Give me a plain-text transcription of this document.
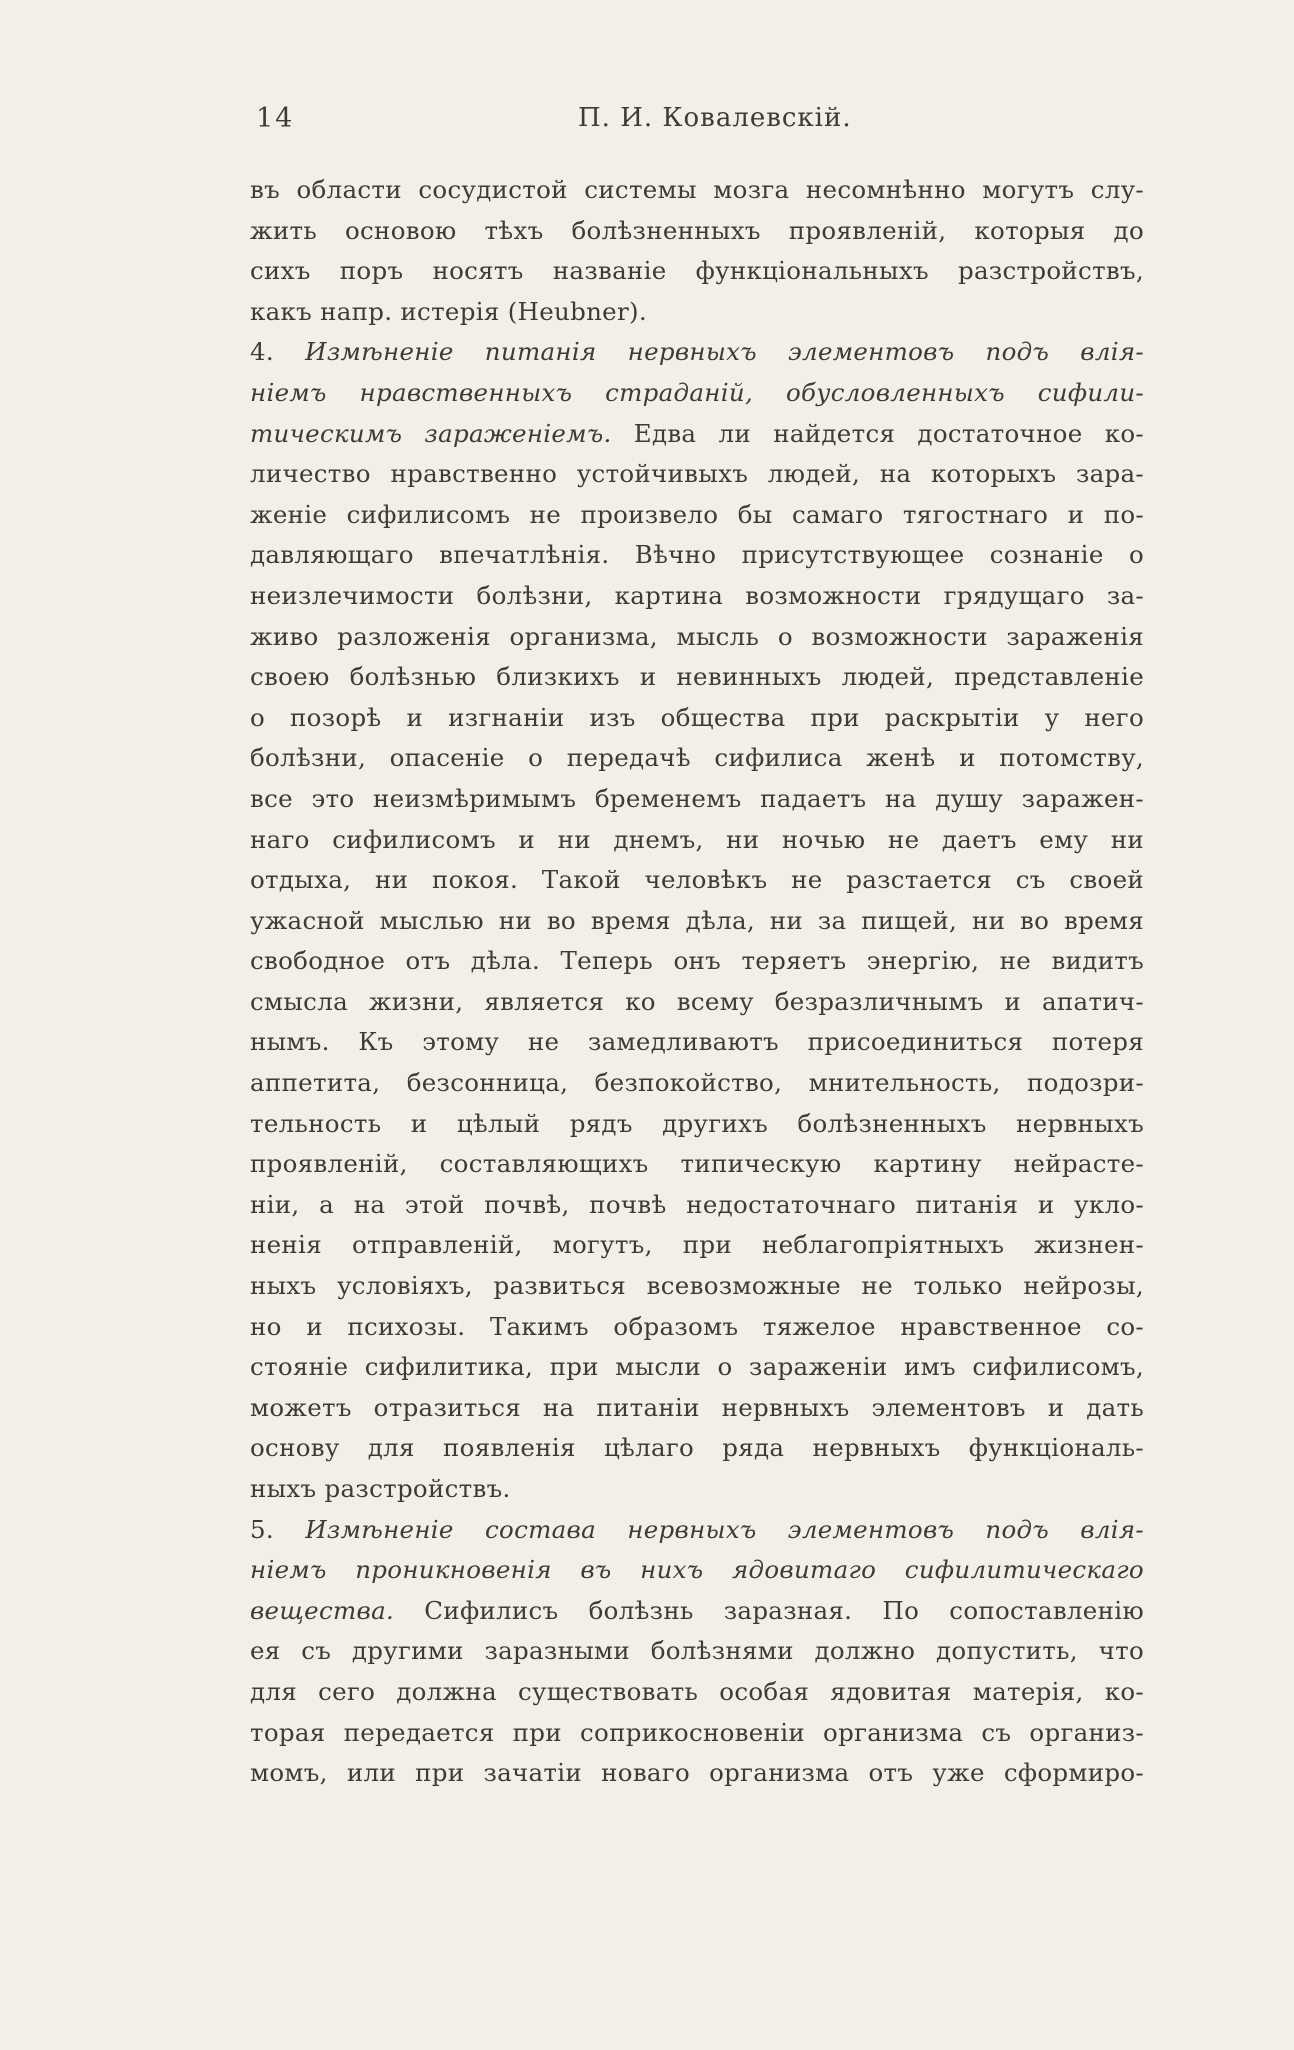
14	П. И. Ковалевскій.
въ области сосудистой системы мозга несомнѣнно могутъ слу-
жить основою тѣхъ болѣзненныхъ проявленій, которыя до
сихъ поръ носятъ названіе функціональныхъ разстройствъ,
какъ напр. истерія (Heubner).
4. Измѣненіе питанія нервныхъ элементовъ подъ влія-
ніемъ нравственныхъ страданій, обусловленныхъ сифили-
тическимъ зараженіемъ. Едва ли найдется достаточное ко-
личество нравственно устойчивыхъ людей, на которыхъ зара-
женіе сифилисомъ не произвело бы самаго тягостнаго и по-
давляющаго впечатлѣнія. Вѣчно присутствующее сознаніе о
неизлечимости болѣзни, картина возможности грядущаго за-
живо разложенія организма, мысль о возможности зараженія
своею болѣзнью близкихъ и невинныхъ людей, представленіе
о позорѣ и изгнаніи изъ общества при раскрытіи у него
болѣзни, опасеніе о передачѣ сифилиса женѣ и потомству,
все это неизмѣримымъ бременемъ падаетъ на душу заражен-
наго сифилисомъ и ни днемъ, ни ночью не даетъ ему ни
отдыха, ни покоя. Такой человѣкъ не разстается съ своей
ужасной мыслью ни во время дѣла, ни за пищей, ни во время
свободное отъ дѣла. Теперь онъ теряетъ энергію, не видитъ
смысла жизни, является ко всему безразличнымъ и апатич-
нымъ. Къ этому не замедливаютъ присоединиться потеря
аппетита, безсонница, безпокойство, мнительность, подозри-
тельность и цѣлый рядъ другихъ болѣзненныхъ нервныхъ
проявленій, составляющихъ типическую картину нейрасте-
ніи, а на этой почвѣ, почвѣ недостаточнаго питанія и укло-
ненія отправленій, могутъ, при неблагопріятныхъ жизнен-
ныхъ условіяхъ, развиться всевозможные не только нейрозы,
но и психозы. Такимъ образомъ тяжелое нравственное со-
стояніе сифилитика, при мысли о зараженіи имъ сифилисомъ,
можетъ отразиться на питаніи нервныхъ элементовъ и дать
основу для появленія цѣлаго ряда нервныхъ функціональ-
ныхъ разстройствъ.
5. Измѣненіе состава нервныхъ элементовъ подъ влія-
ніемъ проникновенія въ нихъ ядовитаго сифилитическаго
вещества. Сифилисъ болѣзнь заразная. По сопоставленію
ея съ другими заразными болѣзнями должно допустить, что
для сего должна существовать особая ядовитая матерія, ко-
торая передается при соприкосновеніи организма съ организ-
момъ, или при зачатіи новаго организма отъ уже сформиро-
